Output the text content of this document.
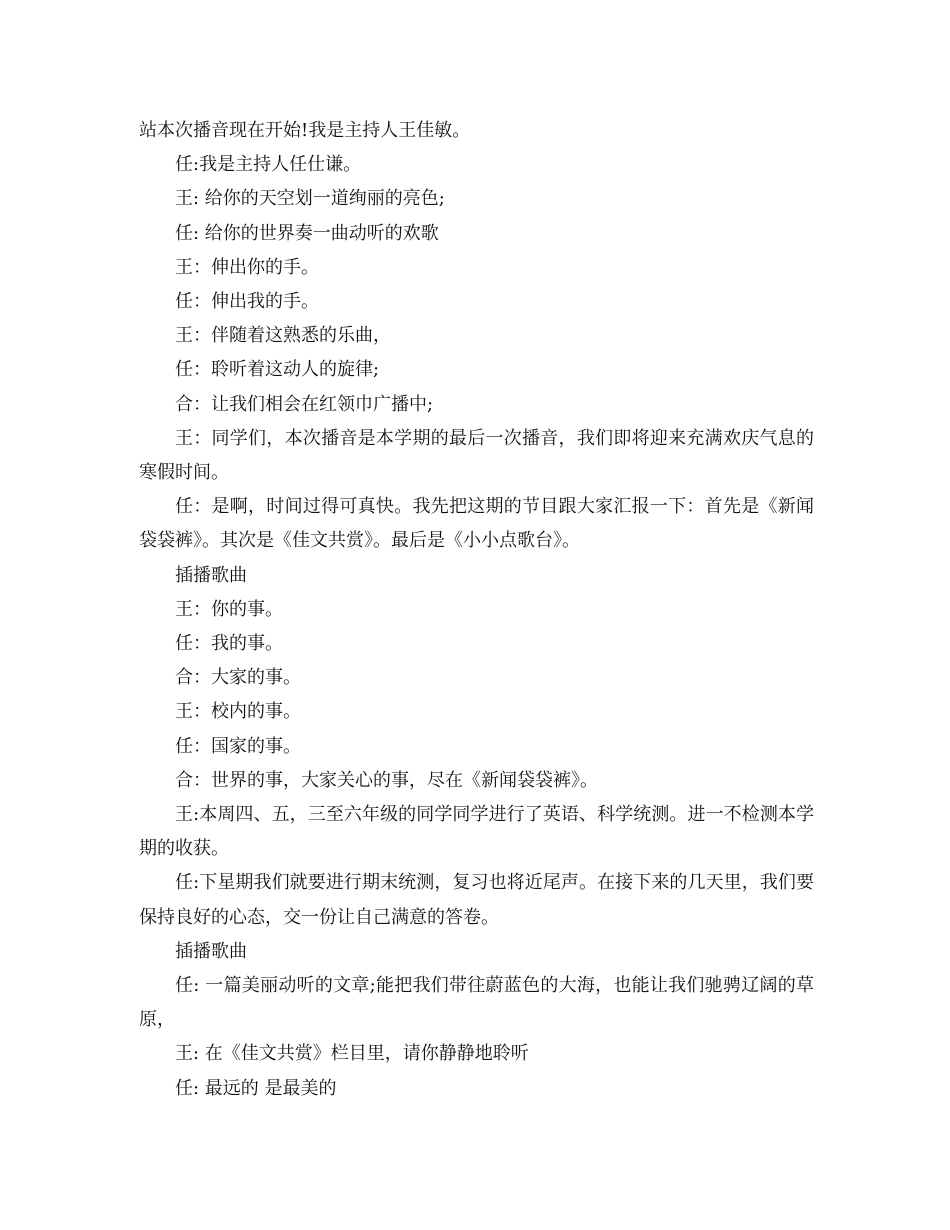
站本次播音现在开始!我是主持人王佳敏。

任:我是主持人任仕谦。

王: 给你的天空划一道绚丽的亮色;

任: 给你的世界奏一曲动听的欢歌

王：伸出你的手。

任：伸出我的手。

王：伴随着这熟悉的乐曲，

任：聆听着这动人的旋律;

合：让我们相会在红领巾广播中;

王：同学们，本次播音是本学期的最后一次播音，我们即将迎来充满欢庆气息的寒假时间。

任：是啊，时间过得可真快。我先把这期的节目跟大家汇报一下：首先是《新闻袋袋裤》。其次是《佳文共赏》。最后是《小小点歌台》。

插播歌曲

王：你的事。

任：我的事。

合：大家的事。

王：校内的事。

任：国家的事。

合：世界的事，大家关心的事，尽在《新闻袋袋裤》。

王:本周四、五，三至六年级的同学同学进行了英语、科学统测。进一不检测本学期的收获。

任:下星期我们就要进行期末统测，复习也将近尾声。在接下来的几天里，我们要保持良好的心态，交一份让自己满意的答卷。

插播歌曲

任: 一篇美丽动听的文章;能把我们带往蔚蓝色的大海，也能让我们驰骋辽阔的草原，

王: 在《佳文共赏》栏目里，请你静静地聆听

任: 最远的 是最美的
